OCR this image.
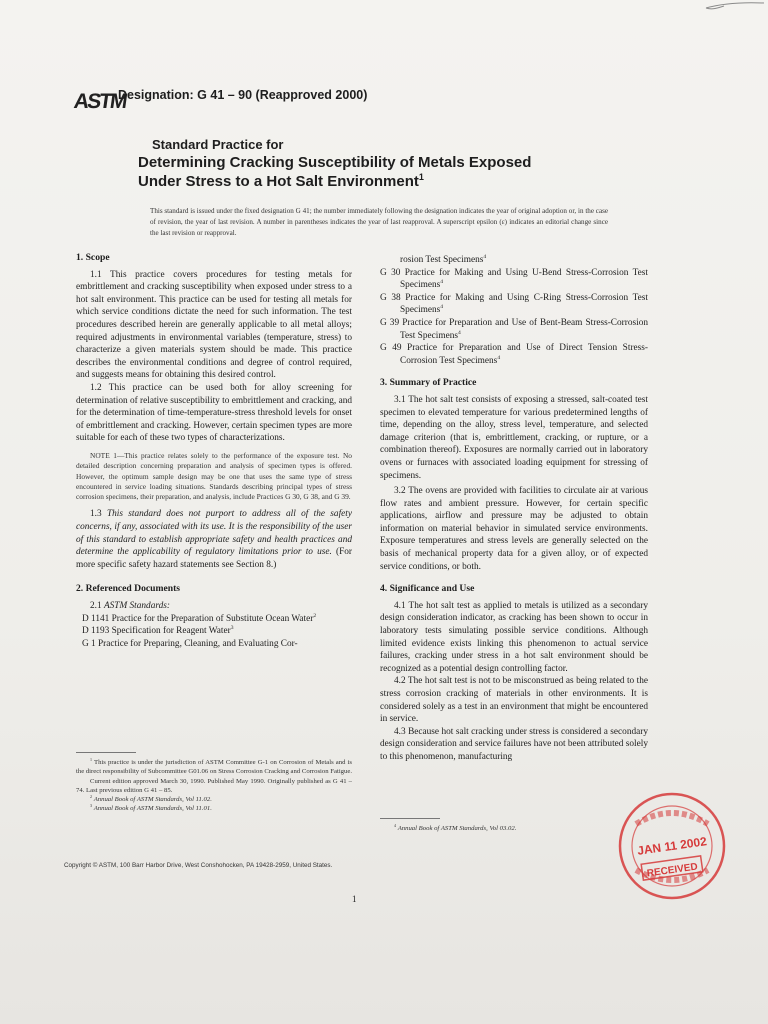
ASTM
Designation: G 41 – 90 (Reapproved 2000)
Standard Practice for
Determining Cracking Susceptibility of Metals Exposed
Under Stress to a Hot Salt Environment$^1$
This standard is issued under the fixed designation G 41; the number immediately following the designation indicates the year of original adoption or, in the case of revision, the year of last revision. A number in parentheses indicates the year of last reapproval. A superscript epsilon (ε) indicates an editorial change since the last revision or reapproval.

1. Scope

1.1 This practice covers procedures for testing metals for embrittlement and cracking susceptibility when exposed under stress to a hot salt environment. This practice can be used for testing all metals for which service conditions dictate the need for such information. The test procedures described herein are generally applicable to all metal alloys; required adjustments in environmental variables (temperature, stress) to characterize a given materials system should be made. This practice describes the environmental conditions and degree of control required, and suggests means for obtaining this desired control.

1.2 This practice can be used both for alloy screening for determination of relative susceptibility to embrittlement and cracking, and for the determination of time-temperature-stress threshold levels for onset of embrittlement and cracking. However, certain specimen types are more suitable for each of these two types of characterizations.

NOTE 1—This practice relates solely to the performance of the exposure test. No detailed description concerning preparation and analysis of specimen types is offered. However, the optimum sample design may be one that uses the same type of stress encountered in service loading situations. Standards describing principal types of stress corrosion specimens, their preparation, and analysis, include Practices G 30, G 38, and G 39.

1.3 This standard does not purport to address all of the safety concerns, if any, associated with its use. It is the responsibility of the user of this standard to establish appropriate safety and health practices and determine the applicability of regulatory limitations prior to use. (For more specific safety hazard statements see Section 8.)

2. Referenced Documents

2.1 ASTM Standards:

D 1141 Practice for the Preparation of Substitute Ocean Water$^2$

D 1193 Specification for Reagent Water$^3$

G 1 Practice for Preparing, Cleaning, and Evaluating Cor-

$^1$ This practice is under the jurisdiction of ASTM Committee G-1 on Corrosion of Metals and is the direct responsibility of Subcommittee G01.06 on Stress Corrosion Cracking and Corrosion Fatigue.

Current edition approved March 30, 1990. Published May 1990. Originally published as G 41 – 74. Last previous edition G 41 – 85.

$^2$ Annual Book of ASTM Standards, Vol 11.02.

$^3$ Annual Book of ASTM Standards, Vol 11.01.

rosion Test Specimens$^4$

G 30 Practice for Making and Using U-Bend Stress-Corrosion Test Specimens$^4$

G 38 Practice for Making and Using C-Ring Stress-Corrosion Test Specimens$^4$

G 39 Practice for Preparation and Use of Bent-Beam Stress-Corrosion Test Specimens$^4$

G 49 Practice for Preparation and Use of Direct Tension Stress-Corrosion Test Specimens$^4$

3. Summary of Practice

3.1 The hot salt test consists of exposing a stressed, salt-coated test specimen to elevated temperature for various predetermined lengths of time, depending on the alloy, stress level, temperature, and selected damage criterion (that is, embrittlement, cracking, or rupture, or a combination thereof). Exposures are normally carried out in laboratory ovens or furnaces with associated loading equipment for stressing of specimens.

3.2 The ovens are provided with facilities to circulate air at various flow rates and ambient pressure. However, for certain specific applications, airflow and pressure may be adjusted to obtain information on material behavior in simulated service environments. Exposure temperatures and stress levels are generally selected on the basis of mechanical property data for a given alloy, or of expected service conditions, or both.

4. Significance and Use

4.1 The hot salt test as applied to metals is utilized as a secondary design consideration indicator, as cracking has been shown to occur in laboratory tests simulating possible service conditions. Although limited evidence exists linking this phenomenon to actual service failures, cracking under stress in a hot salt environment should be recognized as a potential design controlling factor.

4.2 The hot salt test is not to be misconstrued as being related to the stress corrosion cracking of materials in other environments. It is considered solely as a test in an environment that might be encountered in service.

4.3 Because hot salt cracking under stress is considered a secondary design consideration and service failures have not been attributed solely to this phenomenon, manufacturing

$^4$ Annual Book of ASTM Standards, Vol 03.02.

JAN 11 2002
RECEIVED
Copyright © ASTM, 100 Barr Harbor Drive, West Conshohocken, PA 19428-2959, United States.
1
